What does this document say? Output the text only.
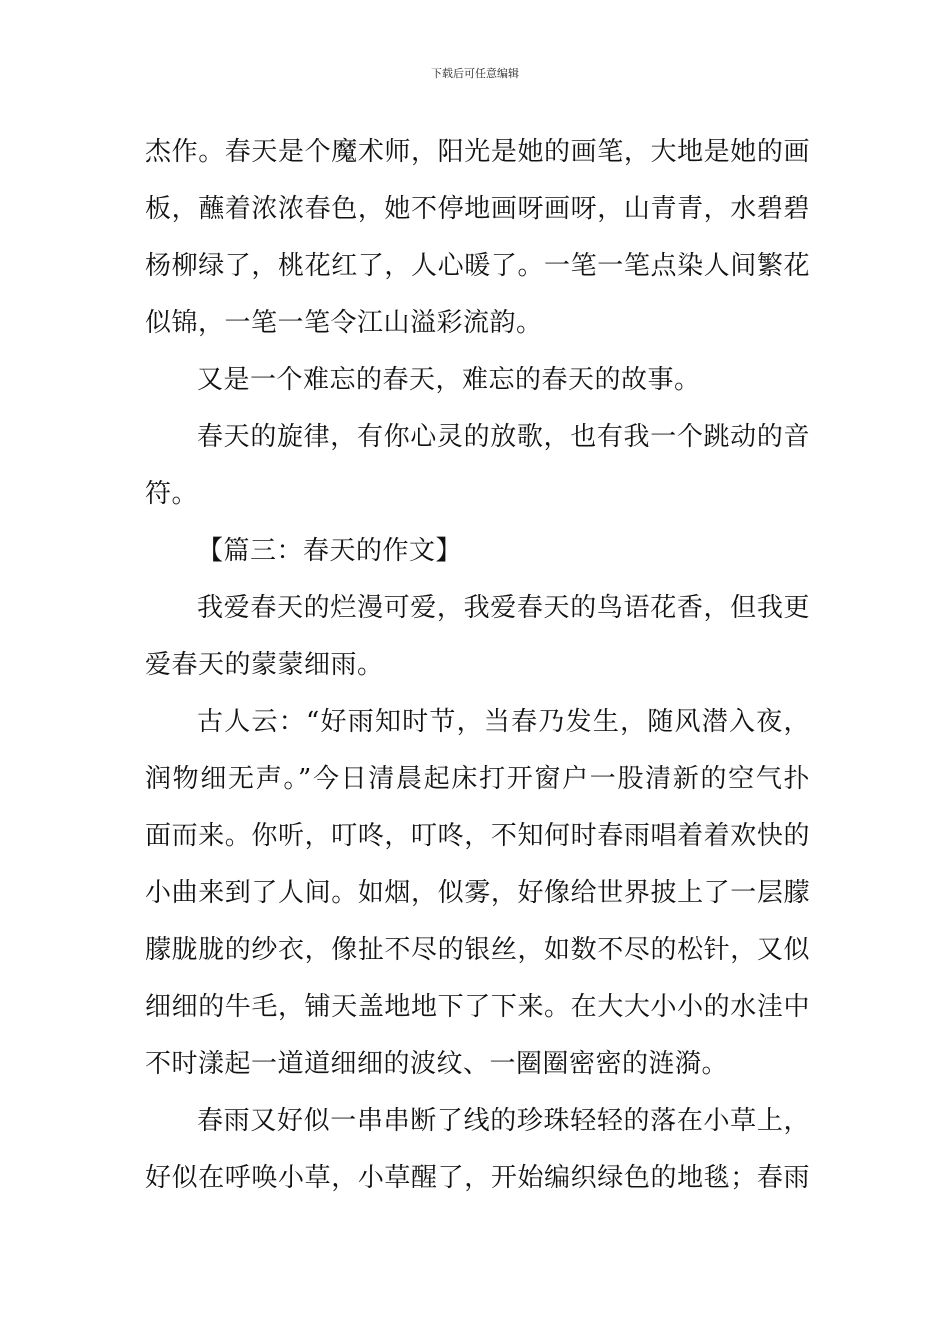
下载后可任意编辑

杰作。春天是个魔术师，阳光是她的画笔，大地是她的画
板，蘸着浓浓春色，她不停地画呀画呀，山青青，水碧碧
杨柳绿了，桃花红了，人心暖了。一笔一笔点染人间繁花
似锦，一笔一笔令江山溢彩流韵。

又是一个难忘的春天，难忘的春天的故事。

春天的旋律，有你心灵的放歌，也有我一个跳动的音
符。

【篇三：春天的作文】

我爱春天的烂漫可爱，我爱春天的鸟语花香，但我更
爱春天的蒙蒙细雨。

古人云：“好雨知时节，当春乃发生，随风潜入夜，
润物细无声。”今日清晨起床打开窗户一股清新的空气扑
面而来。你听，叮咚，叮咚，不知何时春雨唱着着欢快的
小曲来到了人间。如烟，似雾，好像给世界披上了一层朦
朦胧胧的纱衣，像扯不尽的银丝，如数不尽的松针，又似
细细的牛毛，铺天盖地地下了下来。在大大小小的水洼中
不时漾起一道道细细的波纹、一圈圈密密的涟漪。

春雨又好似一串串断了线的珍珠轻轻的落在小草上，
好似在呼唤小草，小草醒了，开始编织绿色的地毯；春雨
